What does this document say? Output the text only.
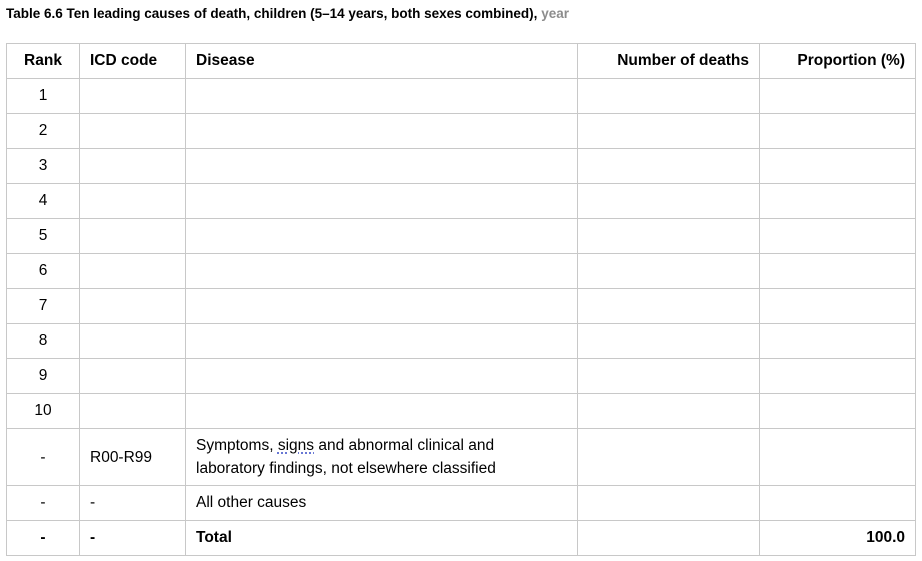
Table 6.6 Ten leading causes of death, children (5–14 years, both sexes combined), year
Rank	ICD code	Disease	Number of deaths	Proportion (%)
1				
2				
3				
4				
5				
6				
7				
8				
9				
10				
-	R00-R99	Symptoms, signs and abnormal clinical and laboratory findings, not elsewhere classified		
-	-	All other causes		
-	-	Total		100.0
